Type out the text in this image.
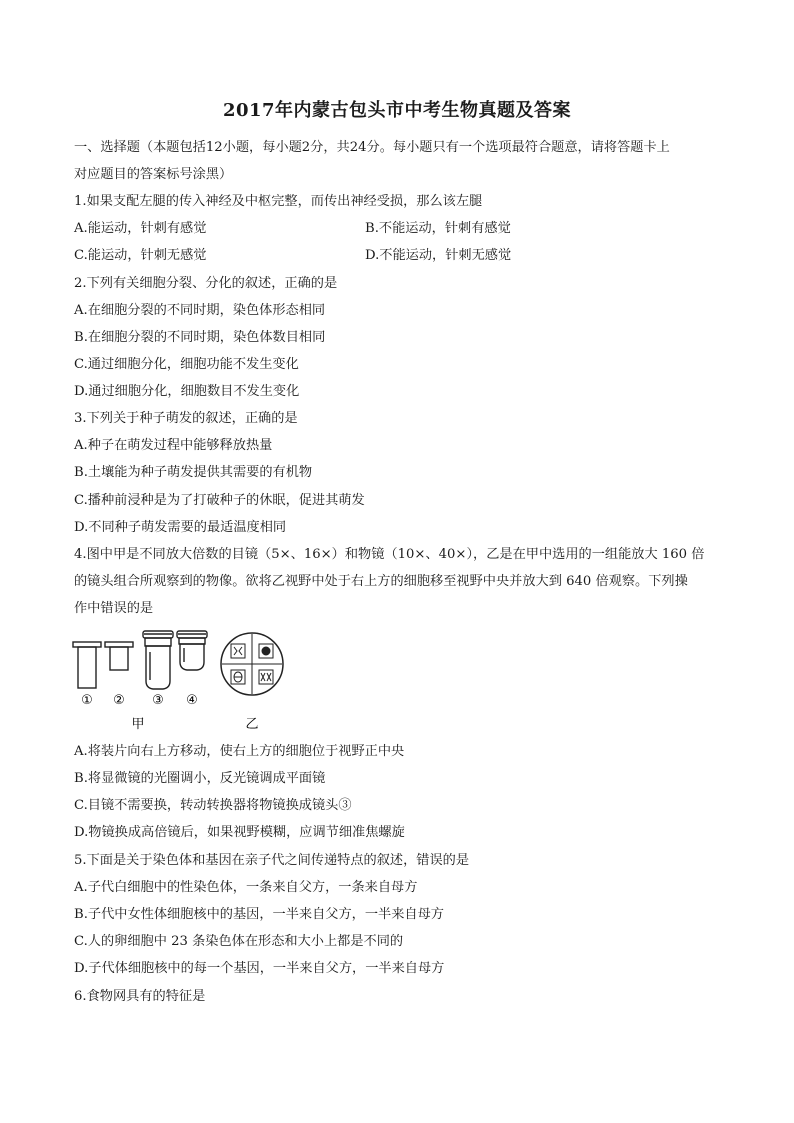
2017年内蒙古包头市中考生物真题及答案
一、选择题（本题包括12小题，每小题2分，共24分。每小题只有一个选项最符合题意，请将答题卡上
对应题目的答案标号涂黑）
1.如果支配左腿的传入神经及中枢完整，而传出神经受损，那么该左腿
A.能运动，针刺有感觉	B.不能运动，针刺有感觉
C.能运动，针刺无感觉	D.不能运动，针刺无感觉
2.下列有关细胞分裂、分化的叙述，正确的是
A.在细胞分裂的不同时期，染色体形态相同
B.在细胞分裂的不同时期，染色体数目相同
C.通过细胞分化，细胞功能不发生变化
D.通过细胞分化，细胞数目不发生变化
3.下列关于种子萌发的叙述，正确的是
A.种子在萌发过程中能够释放热量
B.土壤能为种子萌发提供其需要的有机物
C.播种前浸种是为了打破种子的休眠，促进其萌发
D.不同种子萌发需要的最适温度相同
4.图中甲是不同放大倍数的目镜（5×、16×）和物镜（10×、40×），乙是在甲中选用的一组能放大 160 倍
的镜头组合所观察到的物像。欲将乙视野中处于右上方的细胞移至视野中央并放大到 640 倍观察。下列操
作中错误的是
① ② ③ ④
甲	乙
A.将装片向右上方移动，使右上方的细胞位于视野正中央
B.将显微镜的光圈调小，反光镜调成平面镜
C.目镜不需要换，转动转换器将物镜换成镜头③
D.物镜换成高倍镜后，如果视野模糊，应调节细准焦螺旋
5.下面是关于染色体和基因在亲子代之间传递特点的叙述，错误的是
A.子代白细胞中的性染色体，一条来自父方，一条来自母方
B.子代中女性体细胞核中的基因，一半来自父方，一半来自母方
C.人的卵细胞中 23 条染色体在形态和大小上都是不同的
D.子代体细胞核中的每一个基因，一半来自父方，一半来自母方
6.食物网具有的特征是
